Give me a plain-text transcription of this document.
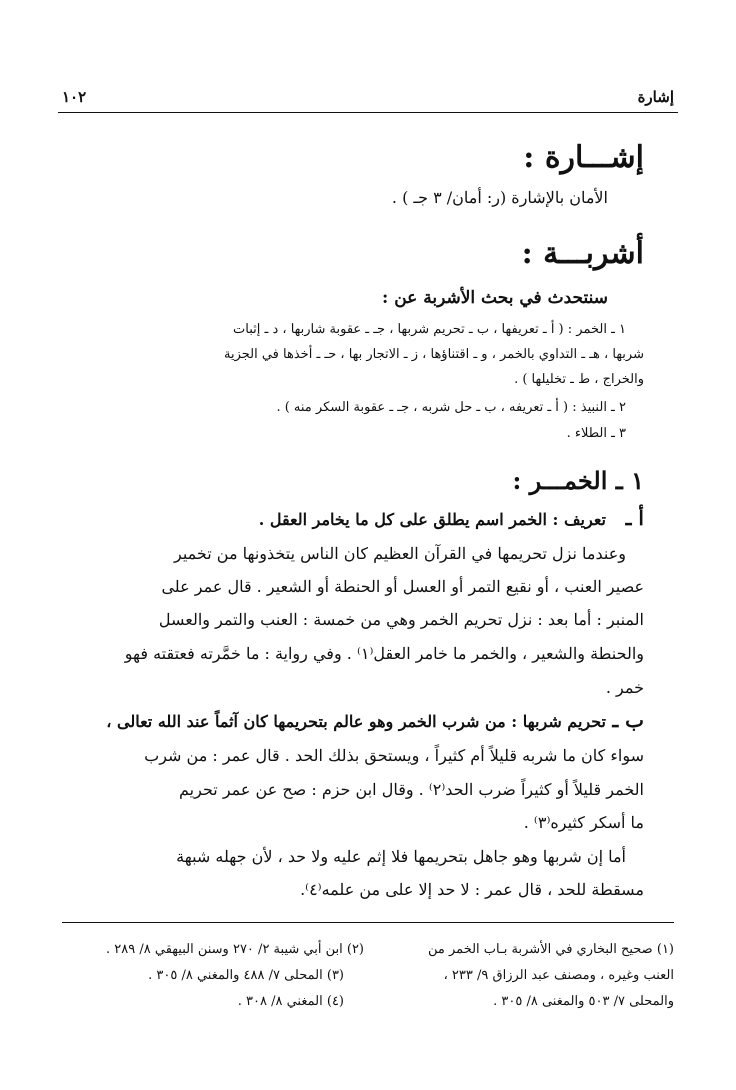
إشارة
١٠٢
إشـــارة :
الأمان بالإشارة (ر: أمان/ ٣ جـ ) .
أشربـــة :
سنتحدث في بحث الأشربة عن :
١ ـ الخمر : ( أ ـ تعريفها ، ب ـ تحريم شربها ، جـ ـ عقوبة شاربها ، د ـ إثبات
شربها ، هـ ـ التداوي بالخمر ، و ـ اقتناؤها ، ز ـ الاتجار بها ، حـ ـ أخذها في الجزية
والخراج ، ط ـ تخليلها ) .
٢ ـ النبيذ : ( أ ـ تعريفه ، ب ـ حل شربه ، جـ ـ عقوبة السكر منه ) .
٣ ـ الطلاء .
١ ـ الخمـــر :
أ ـ
تعريف : الخمر اسم يطلق على كل ما يخامر العقل .
وعندما نزل تحريمها في القرآن العظيم كان الناس يتخذونها من تخمير
عصير العنب ، أو نقيع التمر أو العسل أو الحنطة أو الشعير . قال عمر على
المنبر : أما بعد : نزل تحريم الخمر وهي من خمسة : العنب والتمر والعسل
والحنطة والشعير ، والخمر ما خامر العقل⁽١⁾ . وفي رواية : ما خمَّرته فعتقته فهو
خمر .
ب ـ
تحريم شربها : من شرب الخمر وهو عالم بتحريمها كان آثماً عند الله تعالى ،
سواء كان ما شربه قليلاً أم كثيراً ، ويستحق بذلك الحد . قال عمر : من شرب
الخمر قليلاً أو كثيراً ضرب الحد⁽٢⁾ . وقال ابن حزم : صح عن عمر تحريم
ما أسكر كثيره⁽٣⁾ .
أما إن شربها وهو جاهل بتحريمها فلا إثم عليه ولا حد ، لأن جهله شبهة
مسقطة للحد ، قال عمر : لا حد إلا على من علمه⁽٤⁾.
(١) صحيح البخاري في الأشربة بـاب الخمر من
العنب وغيره ، ومصنف عبد الرزاق ٩/ ٢٣٣ ،
والمحلى ٧/ ٥٠٣ والمغنى ٨/ ٣٠٥ .
(٢) ابن أبي شيبة ٢/ ٢٧٠ وسنن البيهقي ٨/ ٢٨٩ .
(٣) المحلى ٧/ ٤٨٨ والمغني ٨/ ٣٠٥ .
(٤) المغني ٨/ ٣٠٨ .
